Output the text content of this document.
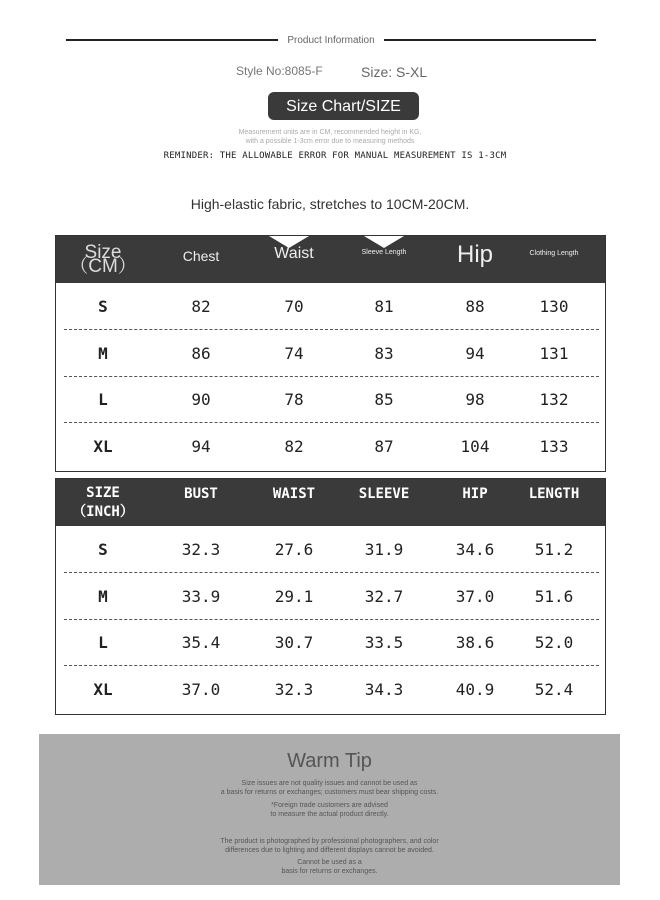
Product Information
Style No:8085-F	Size: S-XL
Size Chart/SIZE
Measurement units are in CM, recommended height in KG,
with a possible 1-3cm error due to measuring methods
REMINDER: THE ALLOWABLE ERROR FOR MANUAL MEASUREMENT IS 1-3CM
High-elastic fabric, stretches to 10CM-20CM.
Size
（CM）	Chest	Waist	Sleeve Length	Hip	Clothing Length
S	82	70	81	88	130
M	86	74	83	94	131
L	90	78	85	98	132
XL	94	82	87	104	133
SIZE
（INCH）
BUST	WAIST	SLEEVE	HIP	LENGTH
S	32.3	27.6	31.9	34.6	51.2
M	33.9	29.1	32.7	37.0	51.6
L	35.4	30.7	33.5	38.6	52.0
XL	37.0	32.3	34.3	40.9	52.4
Warm Tip
Size issues are not quality issues and cannot be used as
a basis for returns or exchanges; customers must bear shipping costs.
*Foreign trade customers are advised
to measure the actual product directly.
The product is photographed by professional photographers, and color
differences due to lighting and different displays cannot be avoided.
Cannot be used as a
basis for returns or exchanges.
